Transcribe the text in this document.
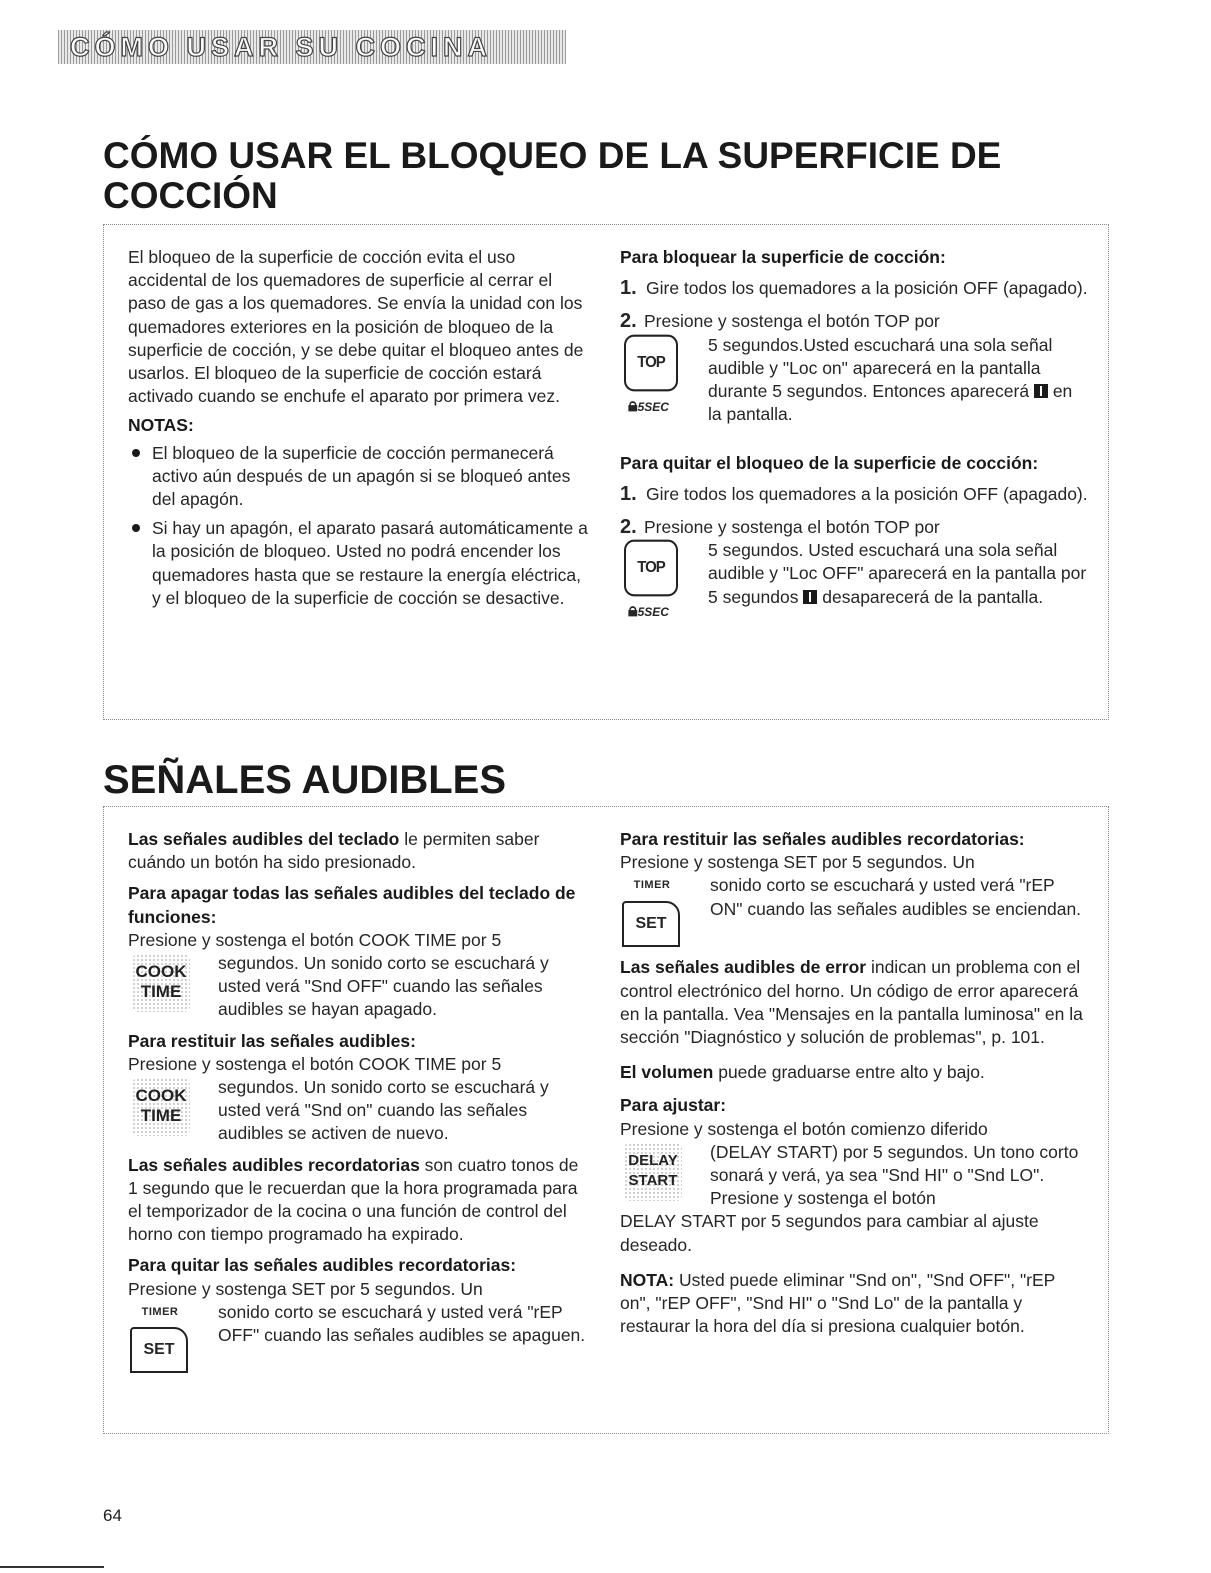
CÓMO USAR SU COCINA
CÓMO USAR EL BLOQUEO DE LA SUPERFICIE DE
COCCIÓN

El bloqueo de la superficie de cocción evita el uso accidental de los quemadores de superficie al cerrar el paso de gas a los quemadores. Se envía la unidad con los quemadores exteriores en la posición de bloqueo de la superficie de cocción, y se debe quitar el bloqueo antes de usarlos. El bloqueo de la superficie de cocción estará activado cuando se enchufe el aparato por primera vez.

NOTAS:

El bloqueo de la superficie de cocción permanecerá activo aún después de un apagón si se bloqueó antes del apagón.
Si hay un apagón, el aparato pasará automáticamente a la posición de bloqueo. Usted no podrá encender los quemadores hasta que se restaure la energía eléctrica, y el bloqueo de la superficie de cocción se desactive.

Para bloquear la superficie de cocción:

1. Gire todos los quemadores a la posición OFF (apagado).
2. Presione y sostenga el botón TOP por
TOP
🔒︎5SEC

5 segundos.Usted escuchará una sola señal audible y "Loc on" aparecerá en la pantalla durante 5 segundos. Entonces aparecerá en la pantalla.

Para quitar el bloqueo de la superficie de cocción:

1. Gire todos los quemadores a la posición OFF (apagado).
2. Presione y sostenga el botón TOP por
TOP
🔒︎5SEC

5 segundos. Usted escuchará una sola señal audible y "Loc OFF" aparecerá en la pantalla por 5 segundos desaparecerá de la pantalla.

SEÑALES AUDIBLES

Las señales audibles del teclado le permiten saber cuándo un botón ha sido presionado.

Para apagar todas las señales audibles del teclado de funciones:

Presione y sostenga el botón COOK TIME por 5

COOK
TIME

segundos. Un sonido corto se escuchará y usted verá "Snd OFF" cuando las señales audibles se hayan apagado.

Para restituir las señales audibles:

Presione y sostenga el botón COOK TIME por 5

COOK
TIME

segundos. Un sonido corto se escuchará y usted verá "Snd on" cuando las señales audibles se activen de nuevo.

Las señales audibles recordatorias son cuatro tonos de 1 segundo que le recuerdan que la hora programada para el temporizador de la cocina o una función de control del horno con tiempo programado ha expirado.

Para quitar las señales audibles recordatorias:

Presione y sostenga SET por 5 segundos. Un

TIMER
SET

sonido corto se escuchará y usted verá "rEP OFF" cuando las señales audibles se apaguen.

Para restituir las señales audibles recordatorias:

Presione y sostenga SET por 5 segundos. Un

TIMER
SET

sonido corto se escuchará y usted verá "rEP ON" cuando las señales audibles se enciendan.

Las señales audibles de error indican un problema con el control electrónico del horno. Un código de error aparecerá en la pantalla. Vea "Mensajes en la pantalla luminosa" en la sección "Diagnóstico y solución de problemas", p. 101.

El volumen puede graduarse entre alto y bajo.

Para ajustar:

Presione y sostenga el botón comienzo diferido

DELAY
START

(DELAY START) por 5 segundos. Un tono corto sonará y verá, ya sea "Snd HI" o "Snd LO". Presione y sostenga el botón

DELAY START por 5 segundos para cambiar al ajuste deseado.

NOTA: Usted puede eliminar "Snd on", "Snd OFF", "rEP on", "rEP OFF", "Snd HI" o "Snd Lo" de la pantalla y restaurar la hora del día si presiona cualquier botón.

64
